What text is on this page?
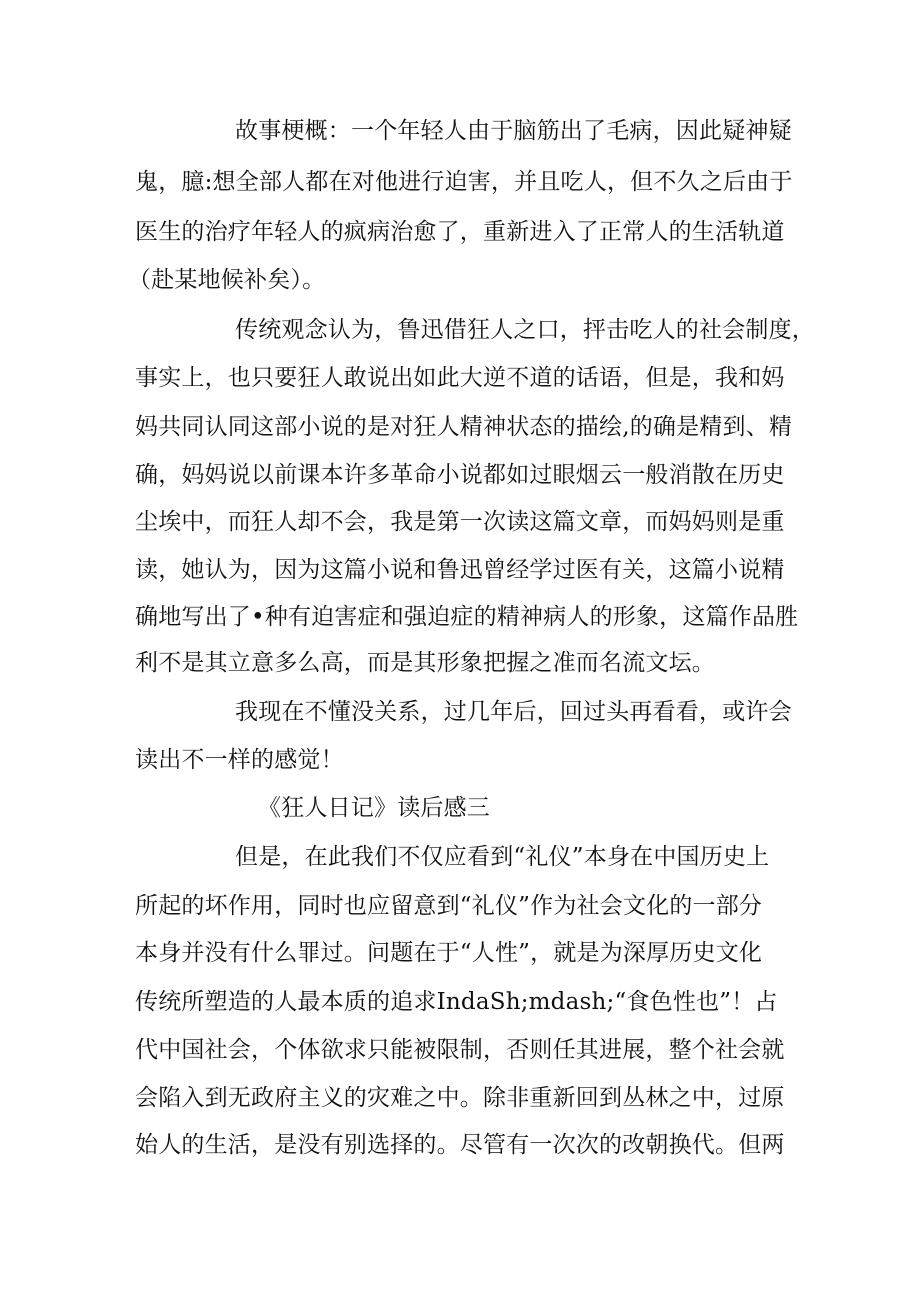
故事梗概：一个年轻人由于脑筋出了毛病，因此疑神疑
鬼，臆:想全部人都在对他进行迫害，并且吃人，但不久之后由于
医生的治疗年轻人的疯病治愈了，重新进入了正常人的生活轨道
（赴某地候补矣）。
传统观念认为，鲁迅借狂人之口，抨击吃人的社会制度，
事实上，也只要狂人敢说出如此大逆不道的话语，但是，我和妈
妈共同认同这部小说的是对狂人精神状态的描绘,的确是精到、精
确，妈妈说以前课本许多革命小说都如过眼烟云一般消散在历史
尘埃中，而狂人却不会，我是第一次读这篇文章，而妈妈则是重
读，她认为，因为这篇小说和鲁迅曾经学过医有关，这篇小说精
确地写出了•种有迫害症和强迫症的精神病人的形象，这篇作品胜
利不是其立意多么高，而是其形象把握之准而名流文坛。
我现在不懂没关系，过几年后，回过头再看看，或许会
读出不一样的感觉！
《狂人日记》读后感三
但是，在此我们不仅应看到“礼仪”本身在中国历史上
所起的坏作用，同时也应留意到“礼仪”作为社会文化的一部分
本身并没有什么罪过。问题在于“人性”，就是为深厚历史文化
传统所塑造的人最本质的追求IndaSh;mdash;“食色性也”！占
代中国社会，个体欲求只能被限制，否则任其进展，整个社会就
会陷入到无政府主义的灾难之中。除非重新回到丛林之中，过原
始人的生活，是没有别选择的。尽管有一次次的改朝换代。但两
